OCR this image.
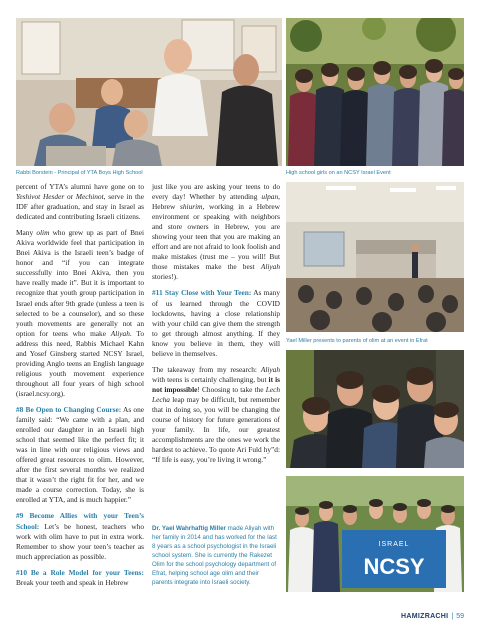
Rabbi Borstein - Principal of YTA Boys High School	High school girls on an NCSY Israel Event
Yael Miller presents to parents of olim at an event in Efrat
ISRAEL
NCSY

percent of YTA’s alumni have gone on to Yeshivot Hesder or Mechinot, serve in the IDF after graduation, and stay in Israel as dedicated and contributing Israeli citizens.

Many olim who grew up as part of Bnei Akiva worldwide feel that participation in Bnei Akiva is the Israeli teen’s badge of honor and “if you can integrate successfully into Bnei Akiva, then you have really made it”. But it is important to recognize that youth group participation in Israel ends after 9th grade (unless a teen is selected to be a counselor), and so these youth movements are generally not an option for teens who make Aliyah. To address this need, Rabbis Michael Kahn and Yosef Ginsberg started NCSY Israel, providing Anglo teens an English language religious youth movement experience throughout all four years of high school (israel.ncsy.org).

#8 Be Open to Changing Course: As one family said: “We came with a plan, and enrolled our daughter in an Israeli high school that seemed like the perfect fit; it was in line with our religious views and offered great resources to olim. However, after the first several months we realized that it wasn’t the right fit for her, and we made a course correction. Today, she is enrolled at YTA, and is much happier.”

#9 Become Allies with your Teen’s School: Let’s be honest, teachers who work with olim have to put in extra work. Remember to show your teen’s teacher as much appreciation as possible.

#10 Be a Role Model for your Teens: Break your teeth and speak in Hebrew

just like you are asking your teens to do every day! Whether by attending ulpan, Hebrew shiurim, working in a Hebrew environment or speaking with neighbors and store owners in Hebrew, you are showing your teen that you are making an effort and are not afraid to look foolish and make mistakes (trust me – you will! But those mistakes make the best Aliyah stories!).

#11 Stay Close with Your Teen: As many of us learned through the COVID lockdowns, having a close relationship with your child can give them the strength to get through almost anything. If they know you believe in them, they will believe in themselves.

The takeaway from my research: Aliyah with teens is certainly challenging, but it is not impossible! Choosing to take the Lech Lecha leap may be difficult, but remember that in doing so, you will be changing the course of history for future generations of your family. In life, our greatest accomplishments are the ones we work the hardest to achieve. To quote Ari Fuld hy”d: “If life is easy, you’re living it wrong.”

Dr. Yael Wahrhaftig Miller made Aliyah with her family in 2014 and has worked for the last 8 years as a school psychologist in the Israeli school system. She is currently the Rakezet Olim for the school psychology department of Efrat, helping school age olim and their parents integrate into Israeli society.
HAMIZRACHI | 59
